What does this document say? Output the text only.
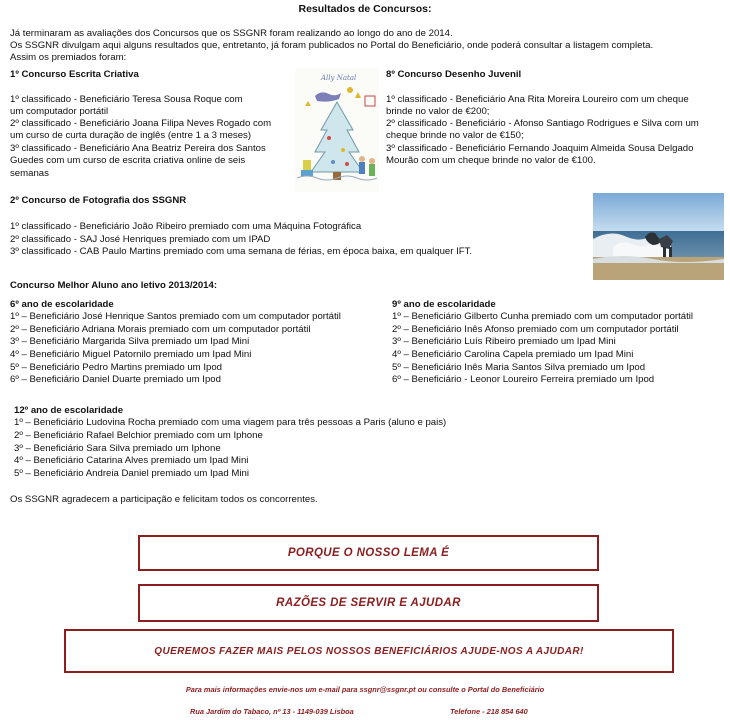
Resultados de Concursos:
Já terminaram as avaliações dos Concursos que os SSGNR foram realizando ao longo do ano de 2014.
Os SSGNR divulgam aqui alguns resultados que, entretanto, já foram publicados no Portal do Beneficiário, onde poderá consultar a listagem completa.
Assim os premiados foram:
1º Concurso Escrita Criativa
1º classificado - Beneficiário Teresa Sousa Roque com
um computador portátil
2º classificado - Beneficiário Joana Filipa Neves Rogado com
um curso de curta duração de inglês (entre 1 a 3 meses)
3º classificado - Beneficiário Ana Beatriz Pereira dos Santos
Guedes com um curso de escrita criativa online de seis
semanas
Ally Natal	8º Concurso Desenho Juvenil
1º classificado - Beneficiário Ana Rita Moreira Loureiro com um cheque
brinde no valor de €200;
2º classificado - Beneficiário - Afonso Santiago Rodrigues e Silva com um
cheque brinde no valor de €150;
3º classificado - Beneficiário Fernando Joaquim Almeida Sousa Delgado
Mourão com um cheque brinde no valor de €100.
2º Concurso de Fotografia dos SSGNR
1º classificado - Beneficiário João Ribeiro premiado com uma Máquina Fotográfica
2º classificado - SAJ José Henriques premiado com um IPAD
3º classificado - CAB Paulo Martins premiado com uma semana de férias, em época baixa, em qualquer IFT.
Concurso Melhor Aluno ano letivo 2013/2014:
6º ano de escolaridade
1º – Beneficiário José Henrique Santos premiado com um computador portátil
2º – Beneficiário Adriana Morais premiado com um computador portátil
3º – Beneficiário Margarida Silva premiado um Ipad Mini
4º – Beneficiário Miguel Patornilo premiado um Ipad Mini
5º – Beneficiário Pedro Martins premiado um Ipod
6º – Beneficiário Daniel Duarte premiado um Ipod
9º ano de escolaridade
1º – Beneficiário Gilberto Cunha premiado com um computador portátil
2º – Beneficiário Inês Afonso premiado com um computador portátil
3º – Beneficiário Luís Ribeiro premiado um Ipad Mini
4º – Beneficiário Carolina Capela premiado um Ipad Mini
5º – Beneficiário Inês Maria Santos Silva premiado um Ipod
6º – Beneficiário - Leonor Loureiro Ferreira premiado um Ipod
12º ano de escolaridade
1º – Beneficiário Ludovina Rocha premiado com uma viagem para três pessoas a Paris (aluno e pais)
2º – Beneficiário Rafael Belchior premiado com um Iphone
3º – Beneficiário Sara Silva premiado um Iphone
4º – Beneficiário Catarina Alves premiado um Ipad Mini
5º – Beneficiário Andreia Daniel premiado um Ipad Mini
Os SSGNR agradecem a participação e felicitam todos os concorrentes.
PORQUE O NOSSO LEMA É
RAZÕES DE SERVIR E AJUDAR
QUEREMOS FAZER MAIS PELOS NOSSOS BENEFICIÁRIOS AJUDE-NOS A AJUDAR!
Para mais informações envie-nos um e-mail para ssgnr@ssgnr.pt ou consulte o Portal do Beneficiário
Rua Jardim do Tabaco, nº 13 - 1149-039 Lisboa	Telefone - 218 854 640
